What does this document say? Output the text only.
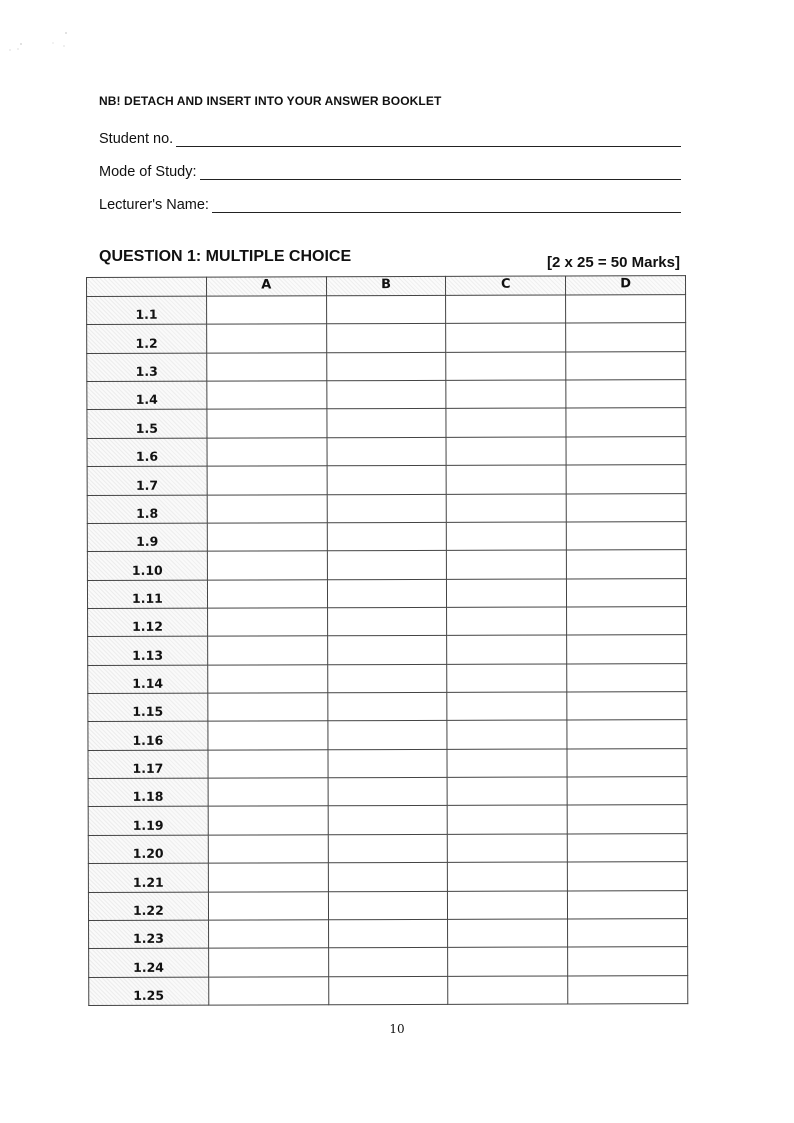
NB! DETACH AND INSERT INTO YOUR ANSWER BOOKLET
Student no.
Mode of Study:
Lecturer's Name:
QUESTION 1: MULTIPLE CHOICE	[2 x 25 = 50 Marks]
	A	B	C	D
1.1				
1.2				
1.3				
1.4				
1.5				
1.6				
1.7				
1.8				
1.9				
1.10				
1.11				
1.12				
1.13				
1.14				
1.15				
1.16				
1.17				
1.18				
1.19				
1.20				
1.21				
1.22				
1.23				
1.24				
1.25				
10
